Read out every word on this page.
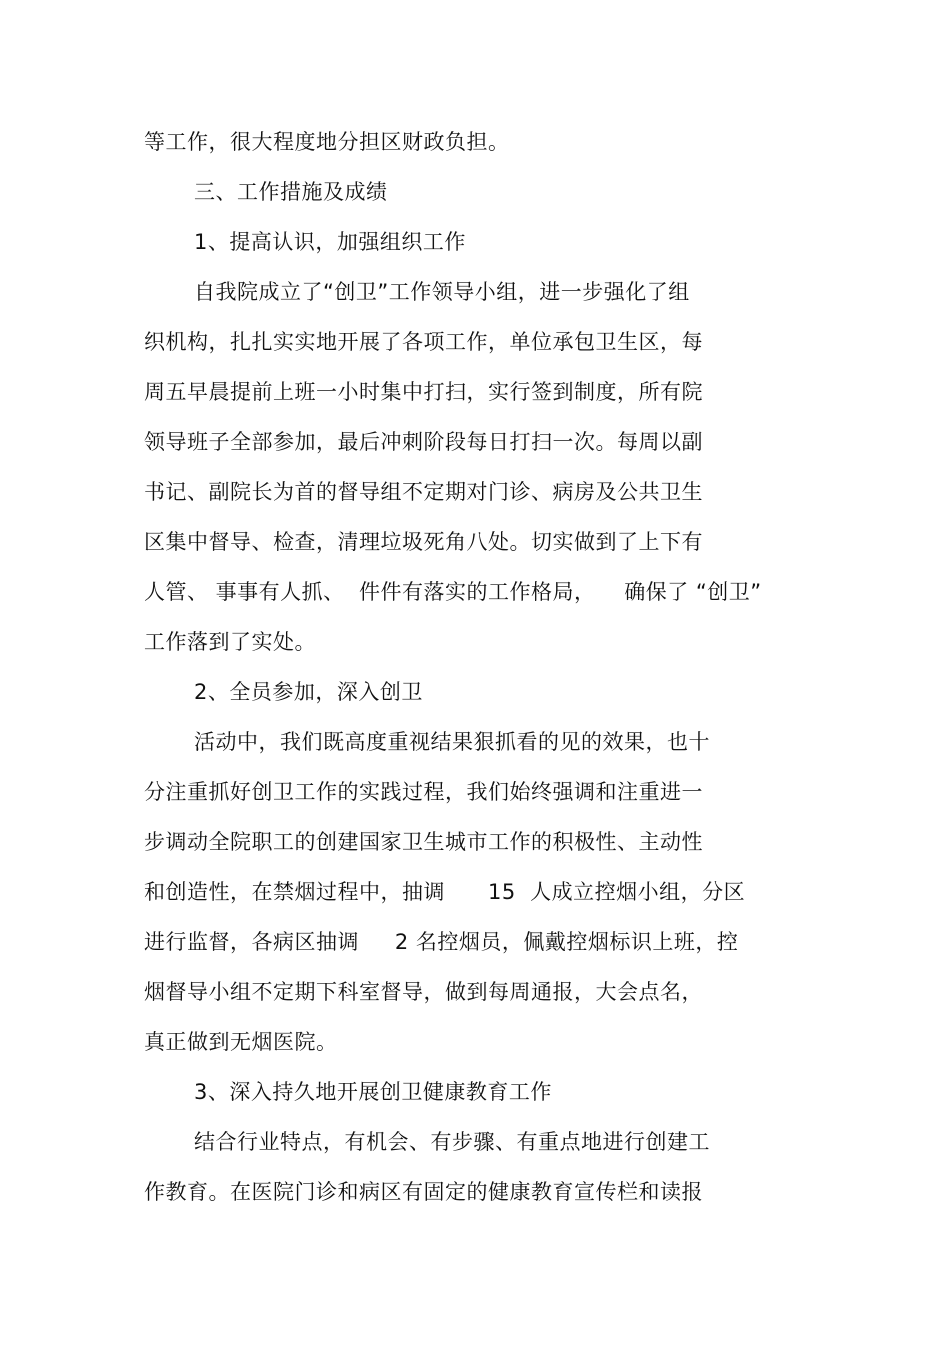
等工作，很大程度地分担区财政负担。
三、工作措施及成绩
1、提高认识，加强组织工作
自我院成立了“创卫”工作领导小组，进一步强化了组
织机构，扎扎实实地开展了各项工作，单位承包卫生区，每
周五早晨提前上班一小时集中打扫，实行签到制度，所有院
领导班子全部参加，最后冲刺阶段每日打扫一次。每周以副
书记、副院长为首的督导组不定期对门诊、病房及公共卫生
区集中督导、检查，清理垃圾死角八处。切实做到了上下有
人管、 事事有人抓、  件件有落实的工作格局，    确保了 “创卫”
工作落到了实处。
2、全员参加，深入创卫
活动中，我们既高度重视结果狠抓看的见的效果，也十
分注重抓好创卫工作的实践过程，我们始终强调和注重进一
步调动全院职工的创建国家卫生城市工作的积极性、主动性
和创造性，在禁烟过程中，抽调      15  人成立控烟小组，分区
进行监督，各病区抽调     2 名控烟员，佩戴控烟标识上班，控
烟督导小组不定期下科室督导，做到每周通报，大会点名，
真正做到无烟医院。
3、深入持久地开展创卫健康教育工作
结合行业特点，有机会、有步骤、有重点地进行创建工
作教育。在医院门诊和病区有固定的健康教育宣传栏和读报
